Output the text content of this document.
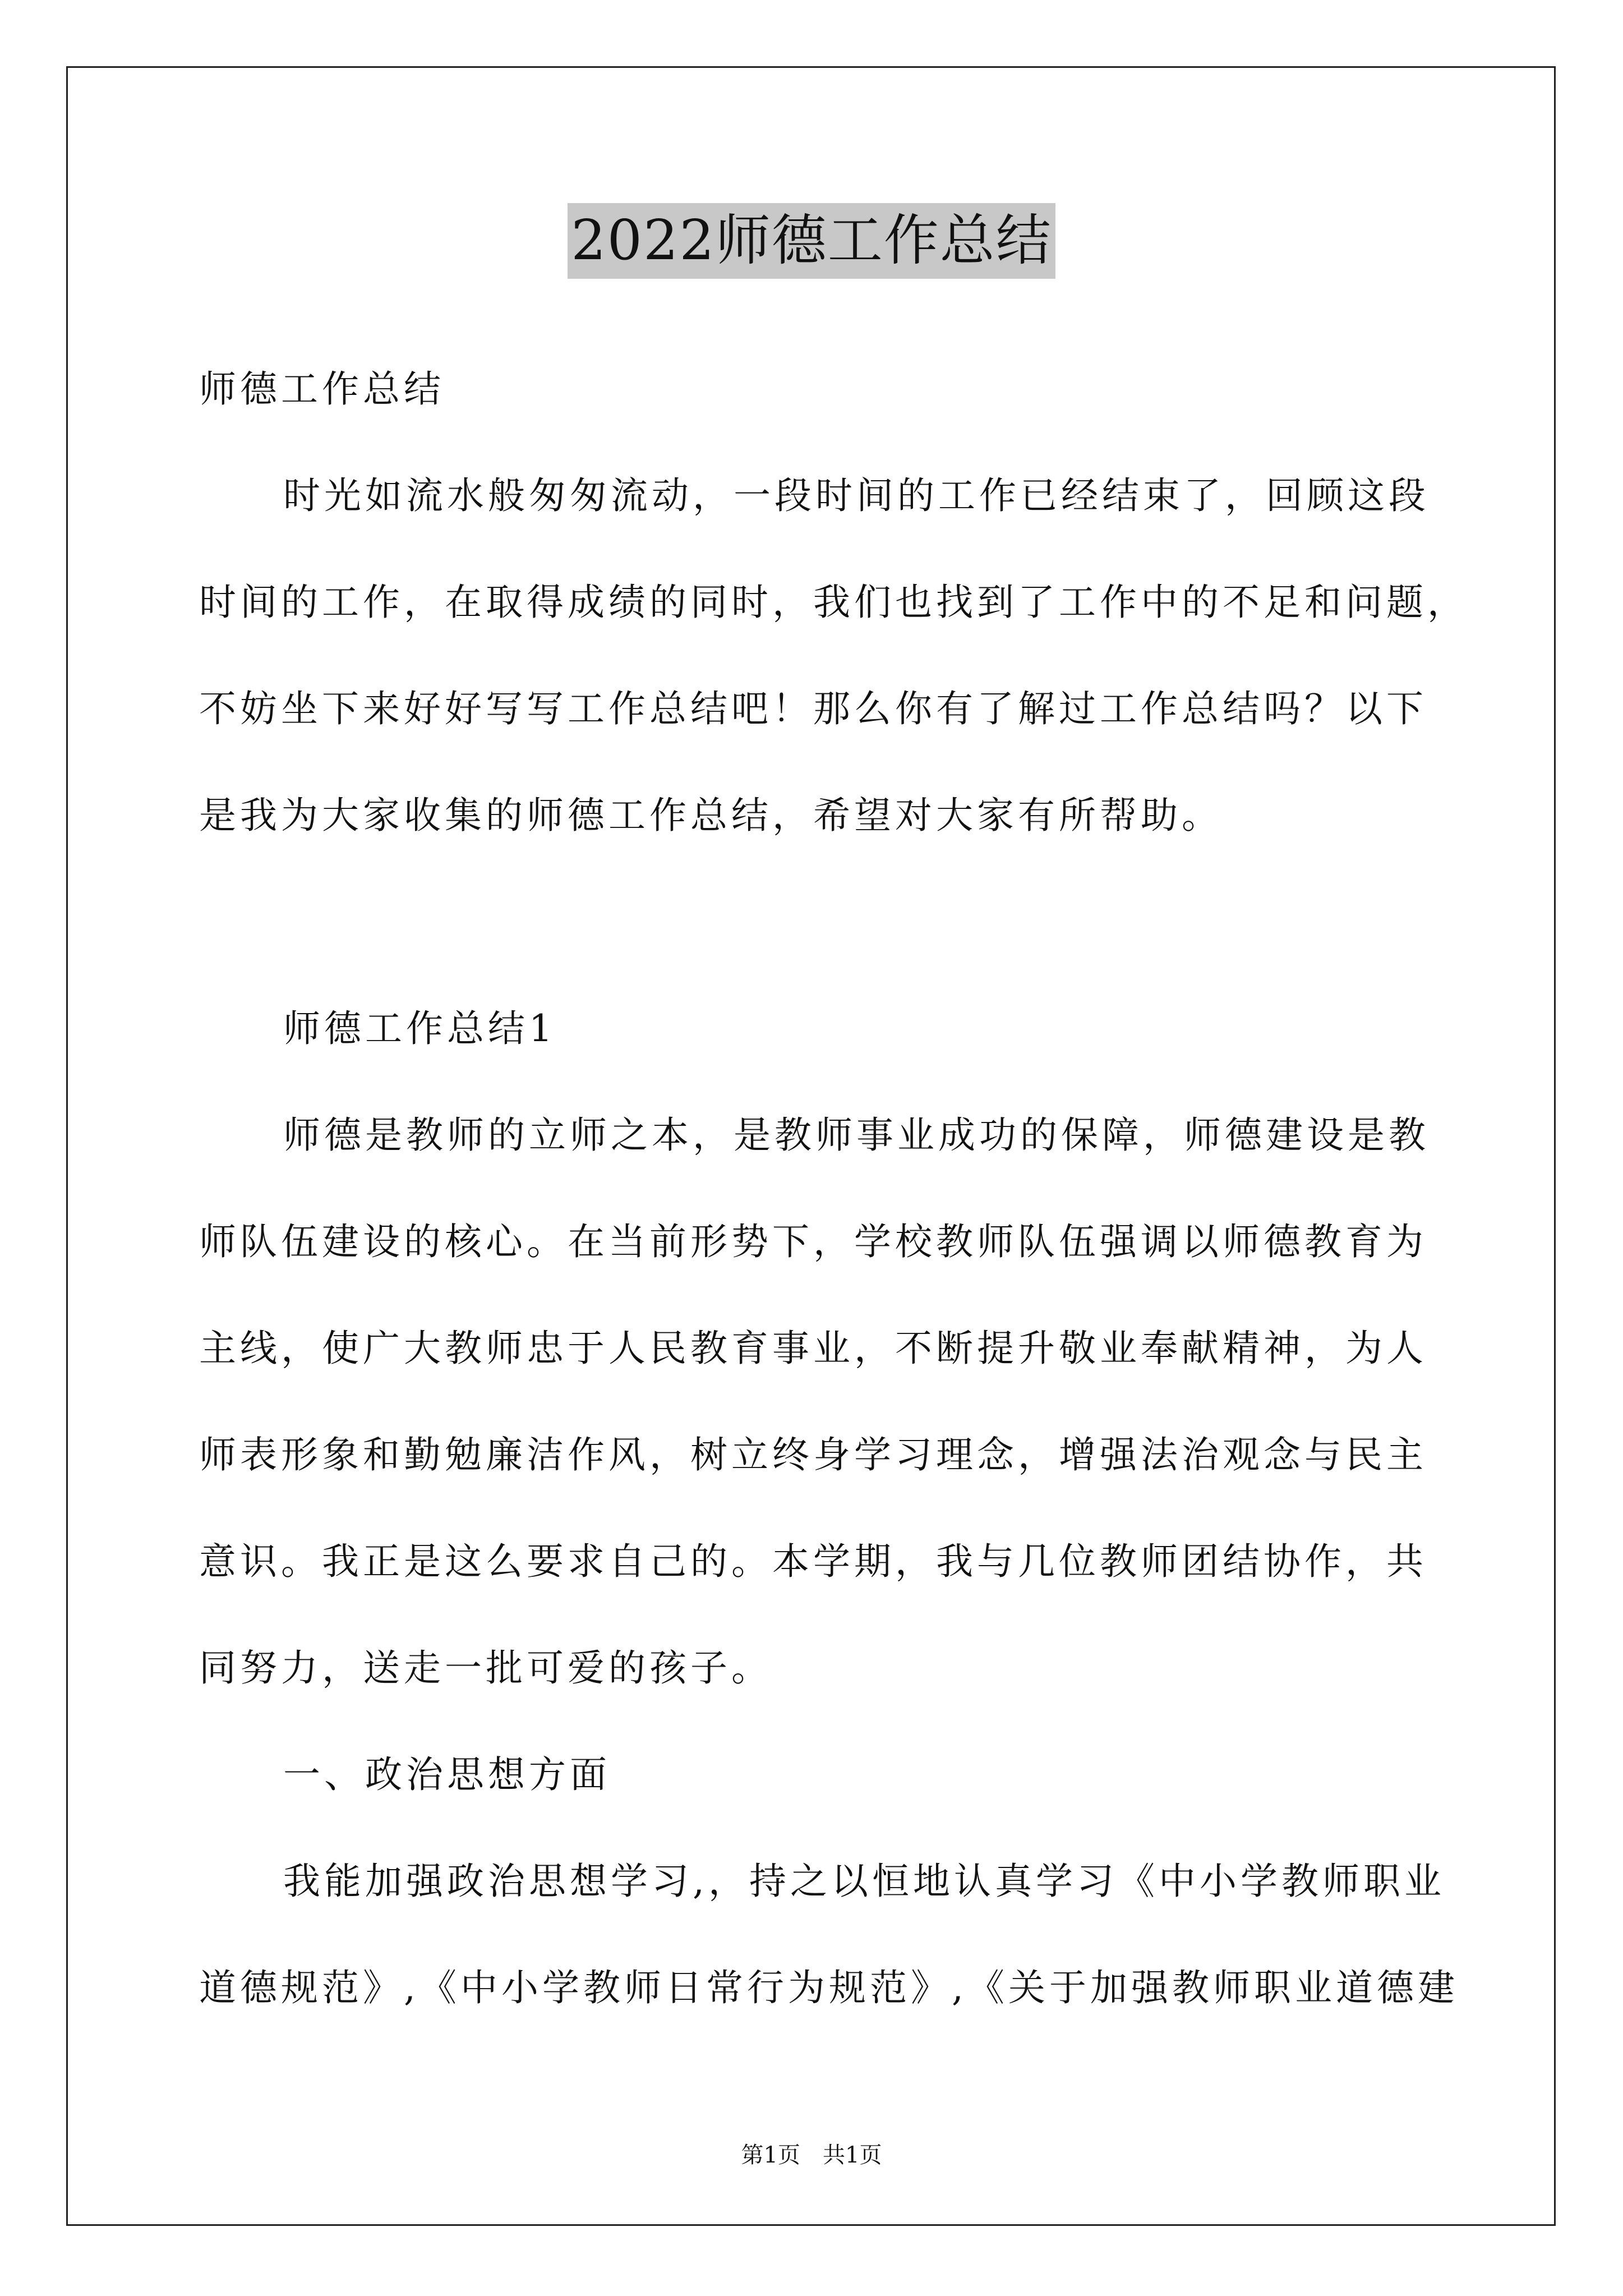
2022师德工作总结
师德工作总结
时光如流水般匆匆流动，一段时间的工作已经结束了，回顾这段
时间的工作，在取得成绩的同时，我们也找到了工作中的不足和问题，
不妨坐下来好好写写工作总结吧！那么你有了解过工作总结吗？以下
是我为大家收集的师德工作总结，希望对大家有所帮助。
师德工作总结1
师德是教师的立师之本，是教师事业成功的保障，师德建设是教
师队伍建设的核心。在当前形势下，学校教师队伍强调以师德教育为
主线，使广大教师忠于人民教育事业，不断提升敬业奉献精神，为人
师表形象和勤勉廉洁作风，树立终身学习理念，增强法治观念与民主
意识。我正是这么要求自己的。本学期，我与几位教师团结协作，共
同努力，送走一批可爱的孩子。
一、政治思想方面
我能加强政治思想学习,，持之以恒地认真学习《中小学教师职业
道德规范》,《中小学教师日常行为规范》,《关于加强教师职业道德建
第1页　共1页
